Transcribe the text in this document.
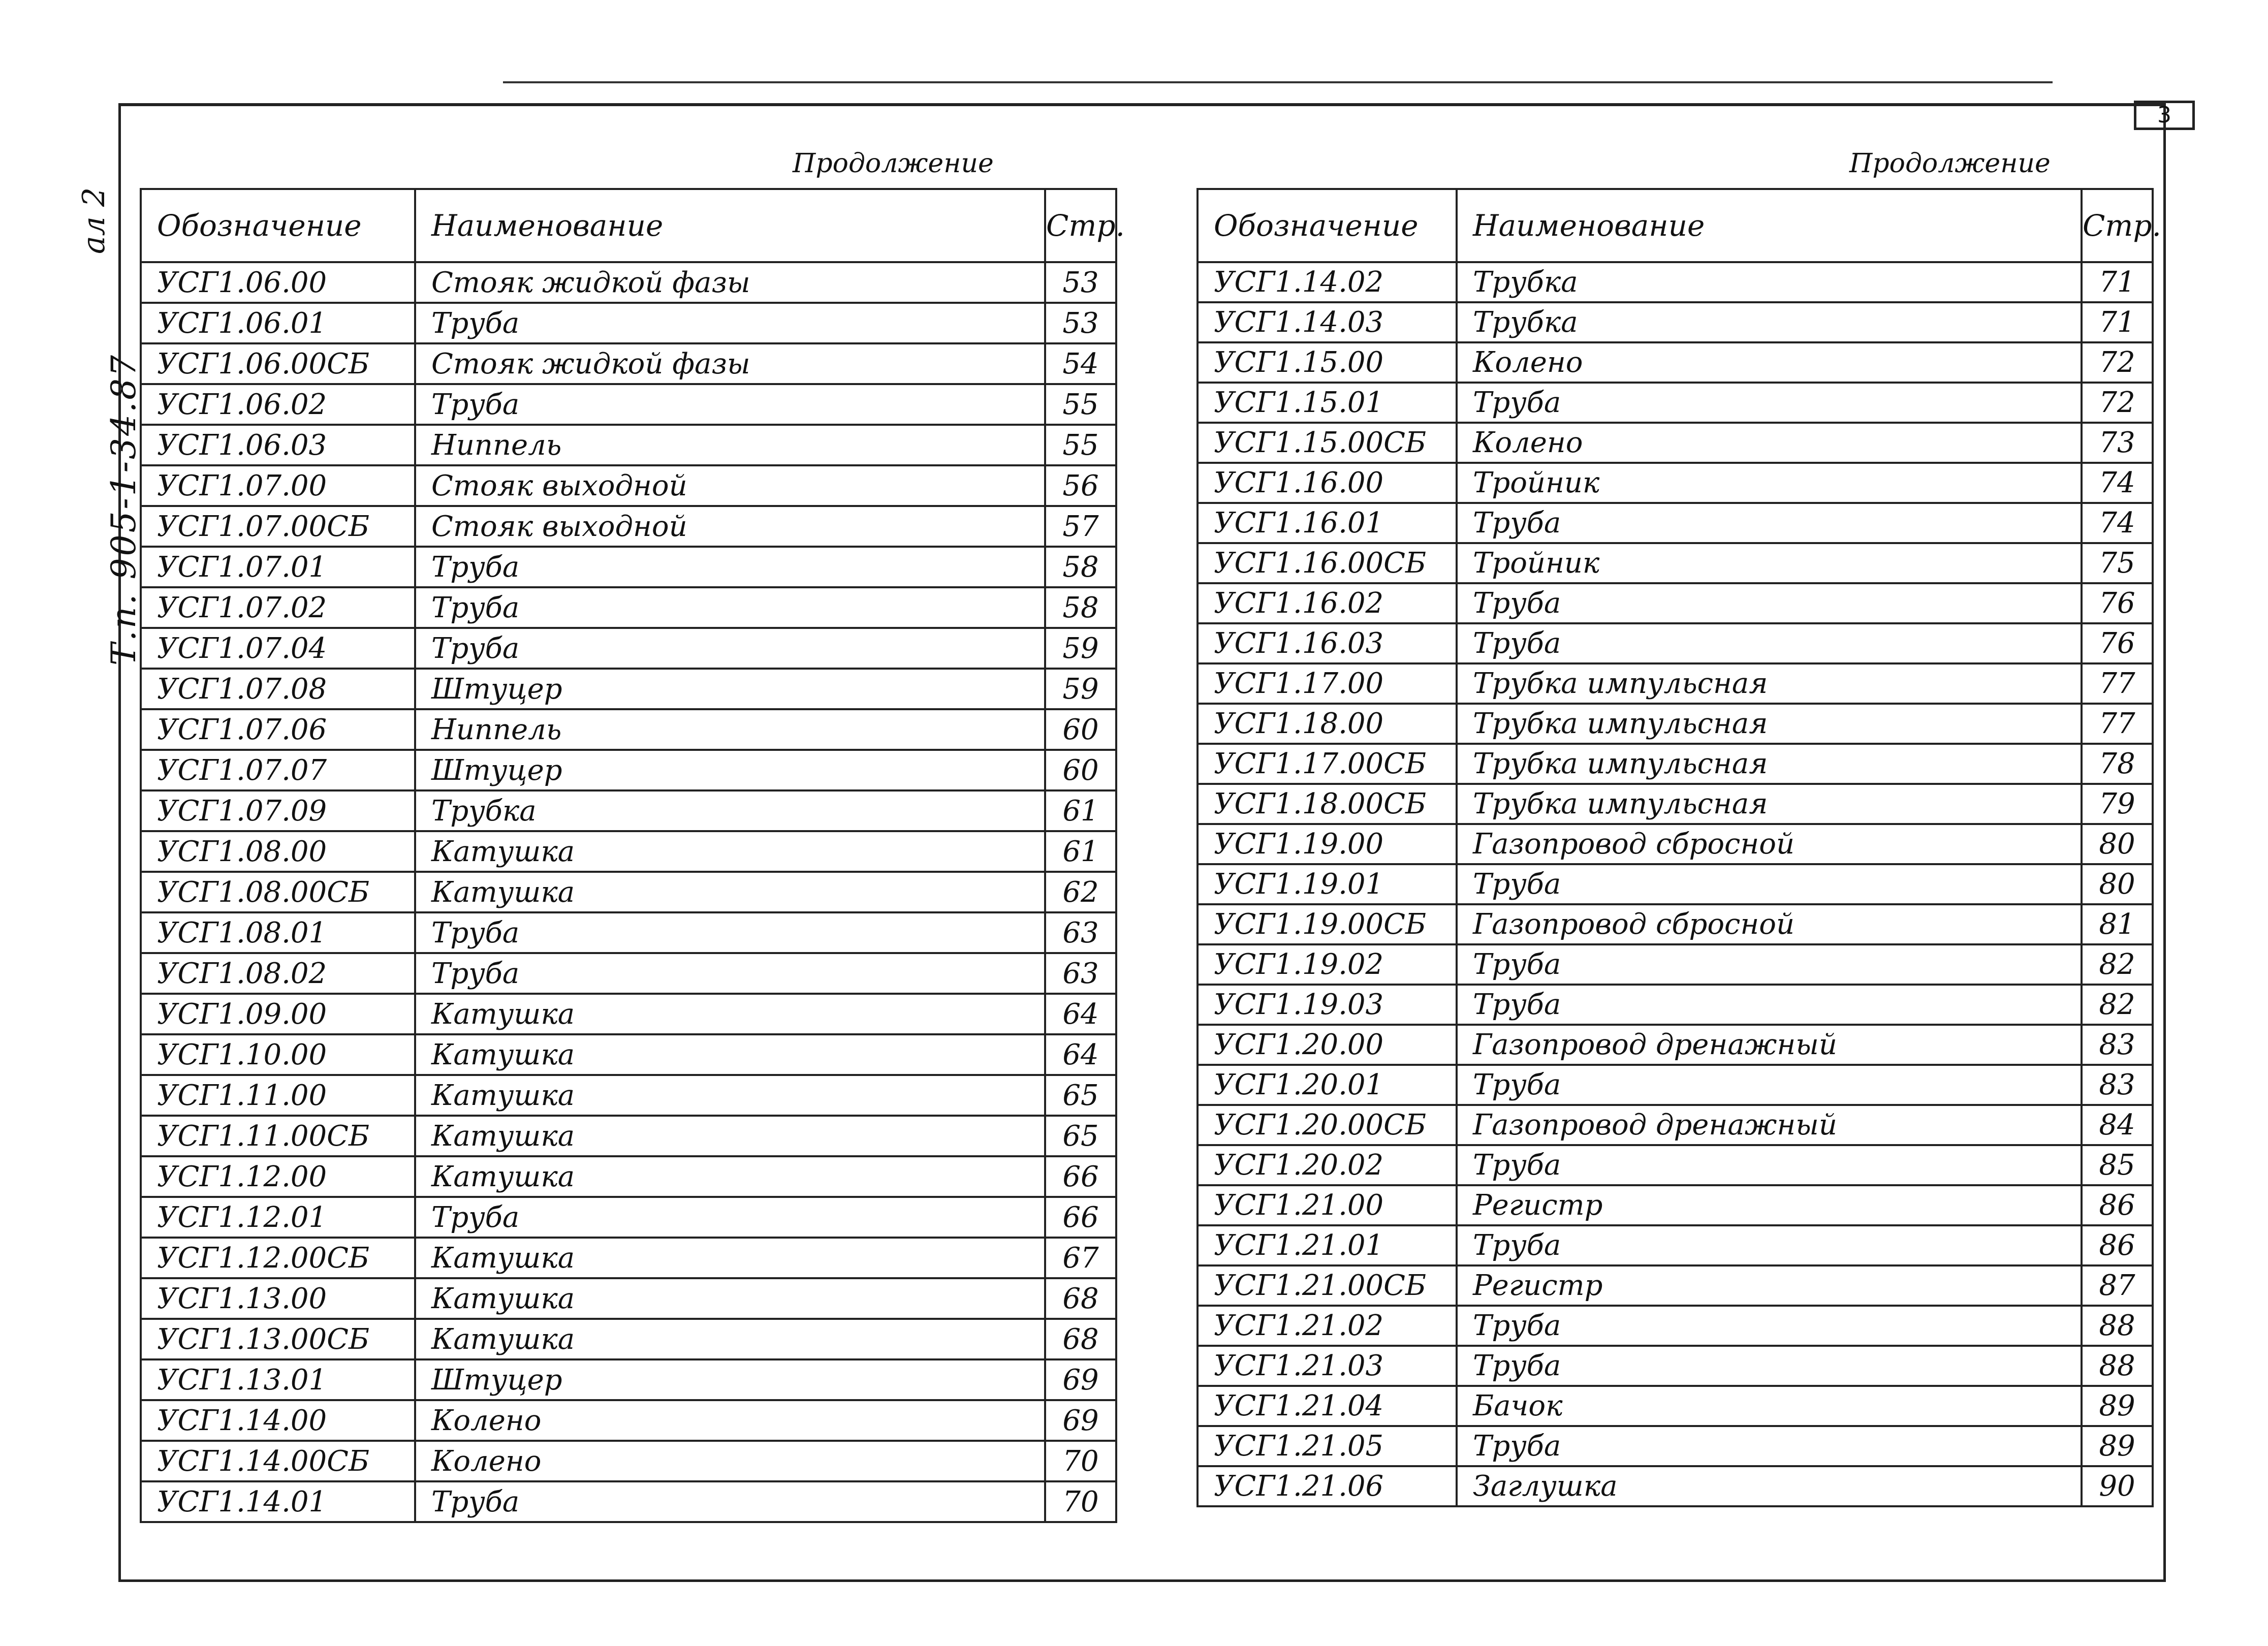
3
Т.п. 905-1-34.87
ал 2
Продолжение	Продолжение
Обозначение	Наименование	Стр.
УСГ1.06.00	Стояк жидкой фазы	53
УСГ1.06.01	Труба	53
УСГ1.06.00СБ	Стояк жидкой фазы	54
УСГ1.06.02	Труба	55
УСГ1.06.03	Ниппель	55
УСГ1.07.00	Стояк выходной	56
УСГ1.07.00СБ	Стояк выходной	57
УСГ1.07.01	Труба	58
УСГ1.07.02	Труба	58
УСГ1.07.04	Труба	59
УСГ1.07.08	Штуцер	59
УСГ1.07.06	Ниппель	60
УСГ1.07.07	Штуцер	60
УСГ1.07.09	Трубка	61
УСГ1.08.00	Катушка	61
УСГ1.08.00СБ	Катушка	62
УСГ1.08.01	Труба	63
УСГ1.08.02	Труба	63
УСГ1.09.00	Катушка	64
УСГ1.10.00	Катушка	64
УСГ1.11.00	Катушка	65
УСГ1.11.00СБ	Катушка	65
УСГ1.12.00	Катушка	66
УСГ1.12.01	Труба	66
УСГ1.12.00СБ	Катушка	67
УСГ1.13.00	Катушка	68
УСГ1.13.00СБ	Катушка	68
УСГ1.13.01	Штуцер	69
УСГ1.14.00	Колено	69
УСГ1.14.00СБ	Колено	70
УСГ1.14.01	Труба	70
Обозначение	Наименование	Стр.
УСГ1.14.02	Трубка	71
УСГ1.14.03	Трубка	71
УСГ1.15.00	Колено	72
УСГ1.15.01	Труба	72
УСГ1.15.00СБ	Колено	73
УСГ1.16.00	Тройник	74
УСГ1.16.01	Труба	74
УСГ1.16.00СБ	Тройник	75
УСГ1.16.02	Труба	76
УСГ1.16.03	Труба	76
УСГ1.17.00	Трубка импульсная	77
УСГ1.18.00	Трубка импульсная	77
УСГ1.17.00СБ	Трубка импульсная	78
УСГ1.18.00СБ	Трубка импульсная	79
УСГ1.19.00	Газопровод сбросной	80
УСГ1.19.01	Труба	80
УСГ1.19.00СБ	Газопровод сбросной	81
УСГ1.19.02	Труба	82
УСГ1.19.03	Труба	82
УСГ1.20.00	Газопровод дренажный	83
УСГ1.20.01	Труба	83
УСГ1.20.00СБ	Газопровод дренажный	84
УСГ1.20.02	Труба	85
УСГ1.21.00	Регистр	86
УСГ1.21.01	Труба	86
УСГ1.21.00СБ	Регистр	87
УСГ1.21.02	Труба	88
УСГ1.21.03	Труба	88
УСГ1.21.04	Бачок	89
УСГ1.21.05	Труба	89
УСГ1.21.06	Заглушка	90
